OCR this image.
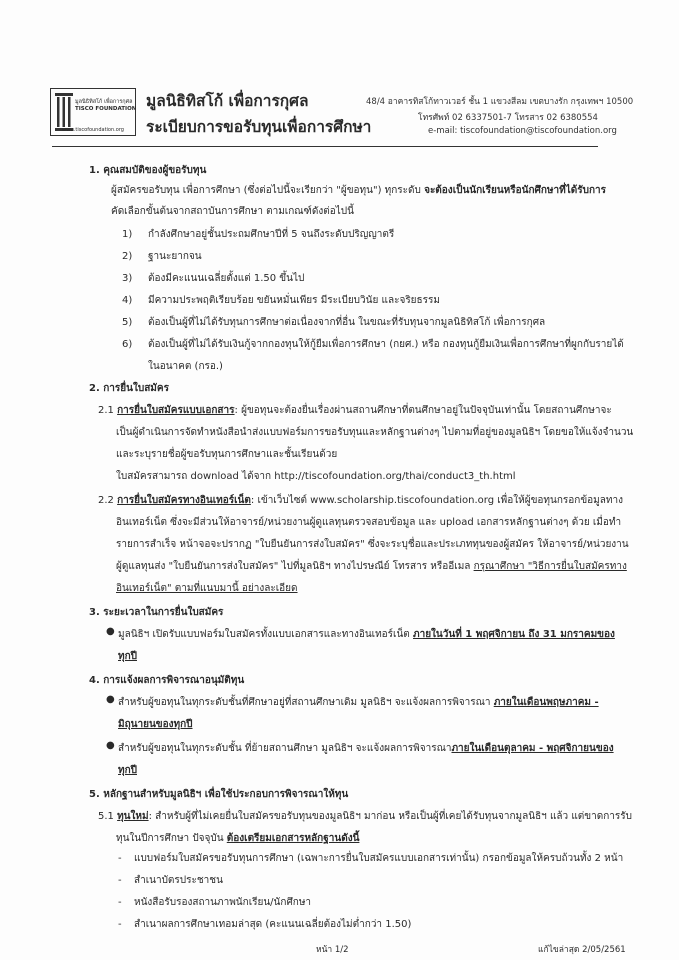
มูลนิธิทิสโก้ เพื่อการกุศล
TISCO FOUNDATION
www.tiscofoundation.org
มูลนิธิทิสโก้ เพื่อการกุศล
ระเบียบการขอรับทุนเพื่อการศึกษา
48/4 อาคารทิสโก้ทาวเวอร์ ชั้น 1 แขวงสีลม เขตบางรัก กรุงเทพฯ 10500
โทรศัพท์ 02 6337501-7 โทรสาร 02 6380554
e-mail: tiscofoundation@tiscofoundation.org
1. คุณสมบัติของผู้ขอรับทุน
ผู้สมัครขอรับทุน เพื่อการศึกษา (ซึ่งต่อไปนี้จะเรียกว่า "ผู้ขอทุน") ทุกระดับ จะต้องเป็นนักเรียนหรือนักศึกษาที่ได้รับการ
คัดเลือกขั้นต้นจากสถาบันการศึกษา ตามเกณฑ์ดังต่อไปนี้
1) กำลังศึกษาอยู่ชั้นประถมศึกษาปีที่ 5 จนถึงระดับปริญญาตรี
2) ฐานะยากจน
3) ต้องมีคะแนนเฉลี่ยตั้งแต่ 1.50 ขึ้นไป
4) มีความประพฤติเรียบร้อย ขยันหมั่นเพียร มีระเบียบวินัย และจริยธรรม
5) ต้องเป็นผู้ที่ไม่ได้รับทุนการศึกษาต่อเนื่องจากที่อื่น ในขณะที่รับทุนจากมูลนิธิทิสโก้ เพื่อการกุศล
6) ต้องเป็นผู้ที่ไม่ได้รับเงินกู้จากกองทุนให้กู้ยืมเพื่อการศึกษา (กยศ.) หรือ กองทุนกู้ยืมเงินเพื่อการศึกษาที่ผูกกับรายได้
ในอนาคต (กรอ.)
2. การยื่นใบสมัคร
2.1 การยื่นใบสมัครแบบเอกสาร: ผู้ขอทุนจะต้องยื่นเรื่องผ่านสถานศึกษาที่ตนศึกษาอยู่ในปัจจุบันเท่านั้น โดยสถานศึกษาจะ
เป็นผู้ดำเนินการจัดทำหนังสือนำส่งแบบฟอร์มการขอรับทุนและหลักฐานต่างๆ ไปตามที่อยู่ของมูลนิธิฯ โดยขอให้แจ้งจำนวน
และระบุรายชื่อผู้ขอรับทุนการศึกษาและชั้นเรียนด้วย
ใบสมัครสามารถ download ได้จาก http://tiscofoundation.org/thai/conduct3_th.html
2.2 การยื่นใบสมัครทางอินเทอร์เน็ต: เข้าเว็บไซต์ www.scholarship.tiscofoundation.org เพื่อให้ผู้ขอทุนกรอกข้อมูลทาง
อินเทอร์เน็ต ซึ่งจะมีส่วนให้อาจารย์/หน่วยงานผู้ดูแลทุนตรวจสอบข้อมูล และ upload เอกสารหลักฐานต่างๆ ด้วย เมื่อทำ
รายการสำเร็จ หน้าจอจะปรากฏ "ใบยืนยันการส่งใบสมัคร" ซึ่งจะระบุชื่อและประเภททุนของผู้สมัคร ให้อาจารย์/หน่วยงาน
ผู้ดูแลทุนส่ง "ใบยืนยันการส่งใบสมัคร" ไปที่มูลนิธิฯ ทางไปรษณีย์ โทรสาร หรืออีเมล กรุณาศึกษา "วิธีการยื่นใบสมัครทาง
อินเทอร์เน็ต" ตามที่แนบมานี้ อย่างละเอียด
3. ระยะเวลาในการยื่นใบสมัคร
● มูลนิธิฯ เปิดรับแบบฟอร์มใบสมัครทั้งแบบเอกสารและทางอินเทอร์เน็ต ภายในวันที่ 1 พฤศจิกายน ถึง 31 มกราคมของ
ทุกปี
4. การแจ้งผลการพิจารณาอนุมัติทุน
● สำหรับผู้ขอทุนในทุกระดับชั้นที่ศึกษาอยู่ที่สถานศึกษาเดิม มูลนิธิฯ จะแจ้งผลการพิจารณา ภายในเดือนพฤษภาคม -
มิถุนายนของทุกปี
● สำหรับผู้ขอทุนในทุกระดับชั้น ที่ย้ายสถานศึกษา มูลนิธิฯ จะแจ้งผลการพิจารณาภายในเดือนตุลาคม - พฤศจิกายนของ
ทุกปี
5. หลักฐานสำหรับมูลนิธิฯ เพื่อใช้ประกอบการพิจารณาให้ทุน
5.1 ทุนใหม่: สำหรับผู้ที่ไม่เคยยื่นใบสมัครขอรับทุนของมูลนิธิฯ มาก่อน หรือเป็นผู้ที่เคยได้รับทุนจากมูลนิธิฯ แล้ว แต่ขาดการรับ
ทุนในปีการศึกษา ปัจจุบัน ต้องเตรียมเอกสารหลักฐานดังนี้
- แบบฟอร์มใบสมัครขอรับทุนการศึกษา (เฉพาะการยื่นใบสมัครแบบเอกสารเท่านั้น) กรอกข้อมูลให้ครบถ้วนทั้ง 2 หน้า
- สำเนาบัตรประชาชน
- หนังสือรับรองสถานภาพนักเรียน/นักศึกษา
- สำเนาผลการศึกษาเทอมล่าสุด (คะแนนเฉลี่ยต้องไม่ต่ำกว่า 1.50)
หน้า 1/2	แก้ไขล่าสุด 2/05/2561
